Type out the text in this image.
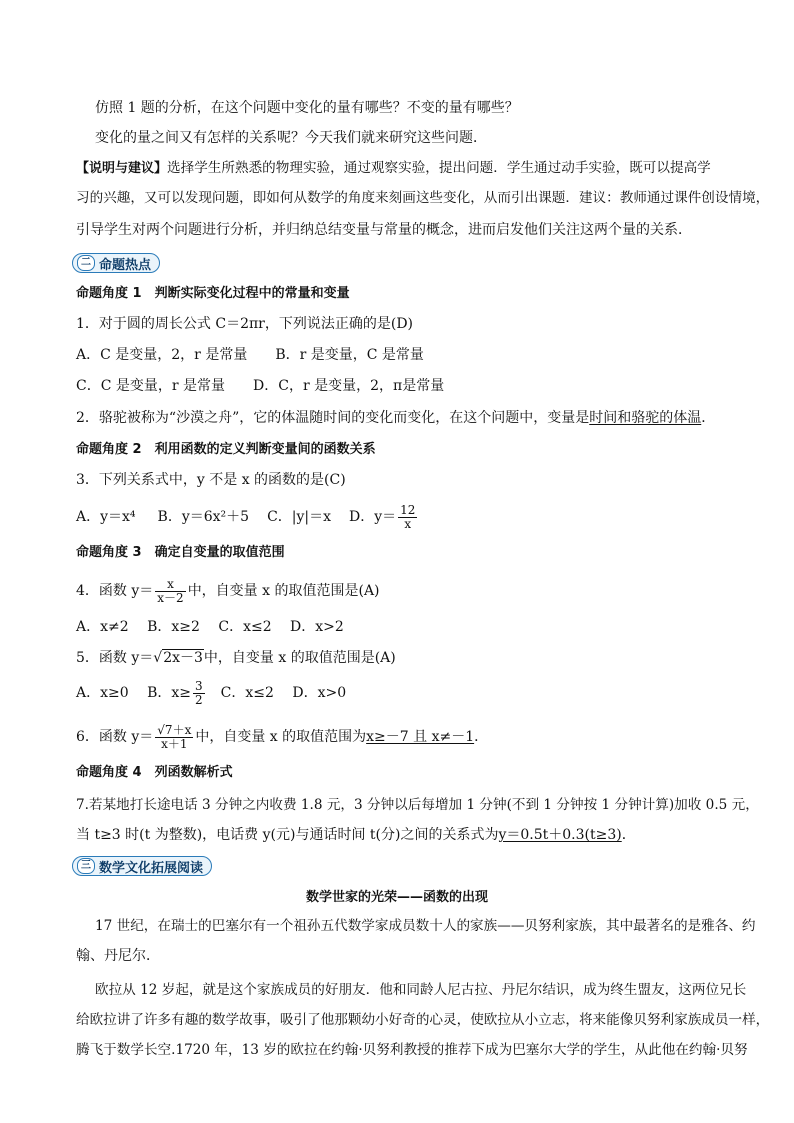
仿照 1 题的分析，在这个问题中变化的量有哪些？不变的量有哪些？
变化的量之间又有怎样的关系呢？今天我们就来研究这些问题．
【说明与建议】选择学生所熟悉的物理实验，通过观察实验，提出问题．学生通过动手实验，既可以提高学
习的兴趣，又可以发现问题，即如何从数学的角度来刻画这些变化，从而引出课题．建议：教师通过课件创设情境，
引导学生对两个问题进行分析，并归纳总结变量与常量的概念，进而启发他们关注这两个量的关系．
二 命题热点
命题角度 1　判断实际变化过程中的常量和变量
1．对于圆的周长公式 C＝2πr，下列说法正确的是(D)
A．C 是变量，2，r 是常量　　B．r 是变量，C 是常量
C．C 是变量，r 是常量　　D．C，r 是变量，2，π是常量
2．骆驼被称为“沙漠之舟”，它的体温随时间的变化而变化，在这个问题中，变量是时间和骆驼的体温．
命题角度 2　利用函数的定义判断变量间的函数关系
3．下列关系式中，y 不是 x 的函数的是(C)
A．y＝x⁴ B．y＝6x²＋5 C．|y|＝x D．$y= \frac{12}{x}$
命题角度 3　确定自变量的取值范围
4．函数 $y= \frac{x}{x-2}$ 中，自变量 x 的取值范围是(A)
A．x≠2　 B．x≥2　 C．x≤2　 D．x>2
5．函数 y＝√2x－3中，自变量 x 的取值范围是(A)
A．x≥0　 B．$x\ge \frac{3}{2}$ 　C．x≤2　 D．x>0
6．函数 $y= \frac{√7+x}{x+1}$ 中，自变量 x 的取值范围为 x≥－7 且 x≠－1 ．
命题角度 4　列函数解析式
7.若某地打长途电话 3 分钟之内收费 1.8 元，3 分钟以后每增加 1 分钟(不到 1 分钟按 1 分钟计算)加收 0.5 元，
当 t≥3 时(t 为整数)，电话费 y(元)与通话时间 t(分)之间的关系式为y＝0.5t＋0.3(t≥3)．
三 数学文化拓展阅读
数学世家的光荣——函数的出现
17 世纪，在瑞士的巴塞尔有一个祖孙五代数学家成员数十人的家族——贝努利家族，其中最著名的是雅各、约
翰、丹尼尔．
欧拉从 12 岁起，就是这个家族成员的好朋友．他和同龄人尼古拉、丹尼尔结识，成为终生盟友，这两位兄长
给欧拉讲了许多有趣的数学故事，吸引了他那颗幼小好奇的心灵，使欧拉从小立志，将来能像贝努利家族成员一样，
腾飞于数学长空.1720 年，13 岁的欧拉在约翰·贝努利教授的推荐下成为巴塞尔大学的学生，从此他在约翰·贝努
